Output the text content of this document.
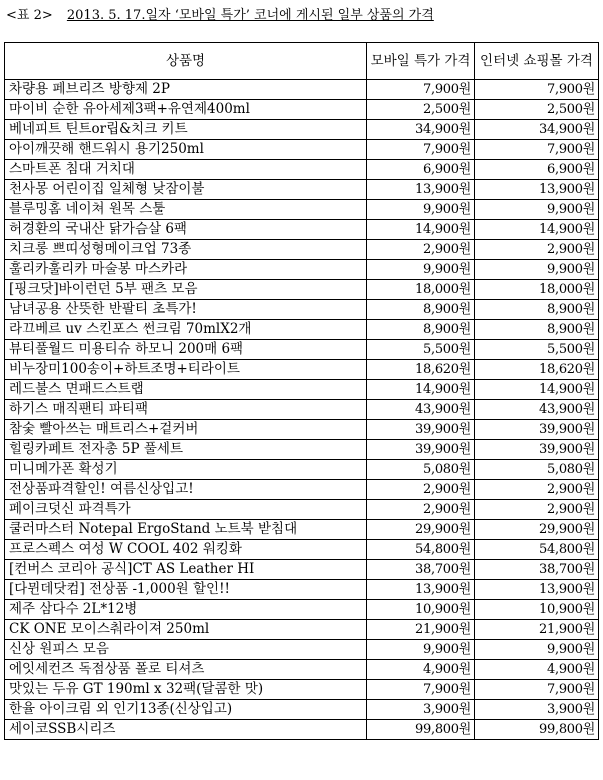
<표 2> 2013. 5. 17.일자 ‘모바일 특가’ 코너에 게시된 일부 상품의 가격
상품명	모바일 특가 가격	인터넷 쇼핑몰 가격
차량용 페브리즈 방향제 2P	7,900원	7,900원
마이비 순한 유아세제3팩+유연제400ml	2,500원	2,500원
베네피트 틴트or립&치크 키트	34,900원	34,900원
아이깨끗해 핸드워시 용기250ml	7,900원	7,900원
스마트폰 침대 거치대	6,900원	6,900원
천사몽 어린이집 일체형 낮잠이불	13,900원	13,900원
블루밍홈 네이쳐 원목 스툴	9,900원	9,900원
허경환의 국내산 닭가슴살 6팩	14,900원	14,900원
치크롱 쁘띠성형메이크업 73종	2,900원	2,900원
훌리카훌리카 마술봉 마스카라	9,900원	9,900원
[핑크닷]바이런던 5부 팬츠 모음	18,000원	18,000원
남녀공용 산뜻한 반팔티 초특가!	8,900원	8,900원
라끄베르 uv 스킨포스 썬크림 70mlX2개	8,900원	8,900원
뷰티풀월드 미용티슈 하모니 200매 6팩	5,500원	5,500원
비누장미100송이+하트조명+티라이트	18,620원	18,620원
레드불스 면패드스트랩	14,900원	14,900원
하기스 매직팬티 파티팩	43,900원	43,900원
참숯 빨아쓰는 매트리스+겉커버	39,900원	39,900원
힐링카페트 전자총 5P 풀세트	39,900원	39,900원
미니메가폰 확성기	5,080원	5,080원
전상품파격할인! 여름신상입고!	2,900원	2,900원
페이크덧신 파격특가	2,900원	2,900원
쿨러마스터 Notepal ErgoStand 노트북 받침대	29,900원	29,900원
프로스펙스 여성 W COOL 402 워킹화	54,800원	54,800원
[컨버스 코리아 공식]CT AS Leather HI	38,700원	38,700원
[다뮌데닷컴] 전상품 -1,000원 할인!!	13,900원	13,900원
제주 삼다수 2L*12병	10,900원	10,900원
CK ONE 모이스춰라이져 250ml	21,900원	21,900원
신상 원피스 모음	9,900원	9,900원
에잇세컨즈 독점상품 폴로 티셔츠	4,900원	4,900원
맛있는 두유 GT 190ml x 32팩(달콤한 맛)	7,900원	7,900원
한율 아이크림 외 인기13종(신상입고)	3,900원	3,900원
세이코SSB시리즈	99,800원	99,800원
